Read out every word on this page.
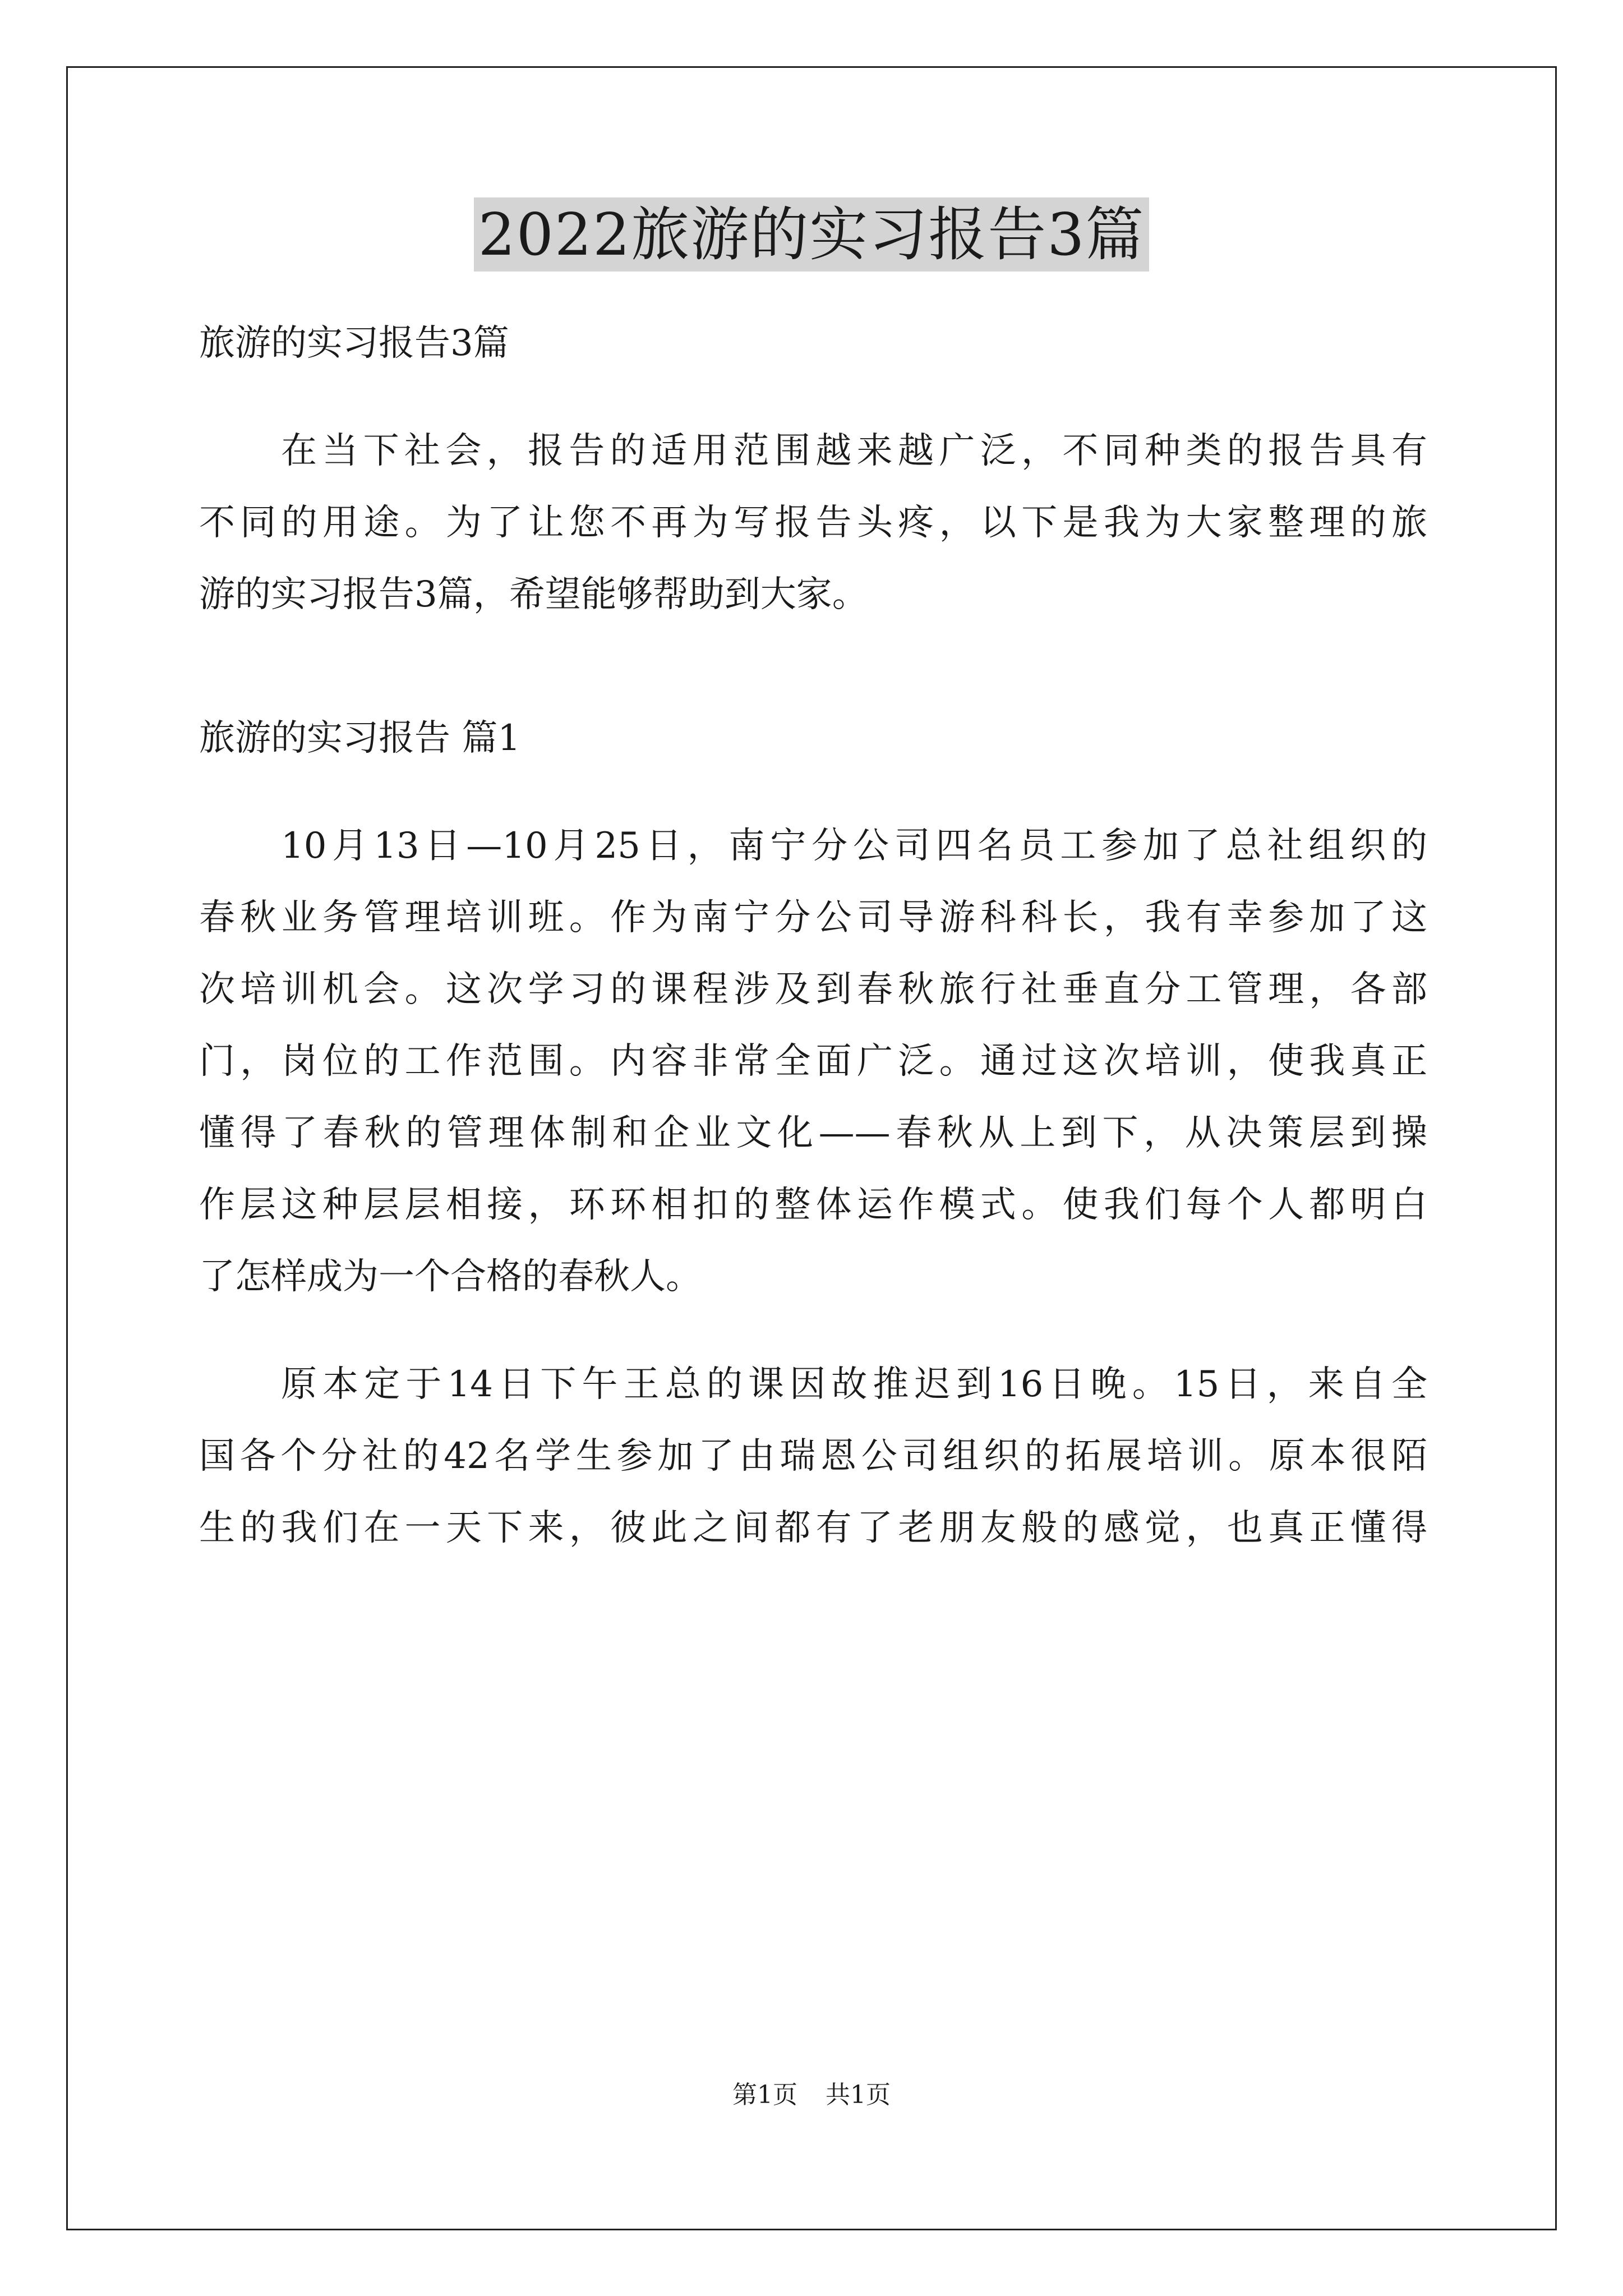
2022旅游的实习报告3篇
旅游的实习报告3篇
在当下社会，报告的适用范围越来越广泛，不同种类的报告具有
不同的用途。为了让您不再为写报告头疼，以下是我为大家整理的旅
游的实习报告3篇，希望能够帮助到大家。
旅游的实习报告 篇1
10月13日—10月25日，南宁分公司四名员工参加了总社组织的
春秋业务管理培训班。作为南宁分公司导游科科长，我有幸参加了这
次培训机会。这次学习的课程涉及到春秋旅行社垂直分工管理，各部
门，岗位的工作范围。内容非常全面广泛。通过这次培训，使我真正
懂得了春秋的管理体制和企业文化——春秋从上到下，从决策层到操
作层这种层层相接，环环相扣的整体运作模式。使我们每个人都明白
了怎样成为一个合格的春秋人。
原本定于14日下午王总的课因故推迟到16日晚。15日，来自全
国各个分社的42名学生参加了由瑞恩公司组织的拓展培训。原本很陌
生的我们在一天下来，彼此之间都有了老朋友般的感觉，也真正懂得
第1页 共1页
